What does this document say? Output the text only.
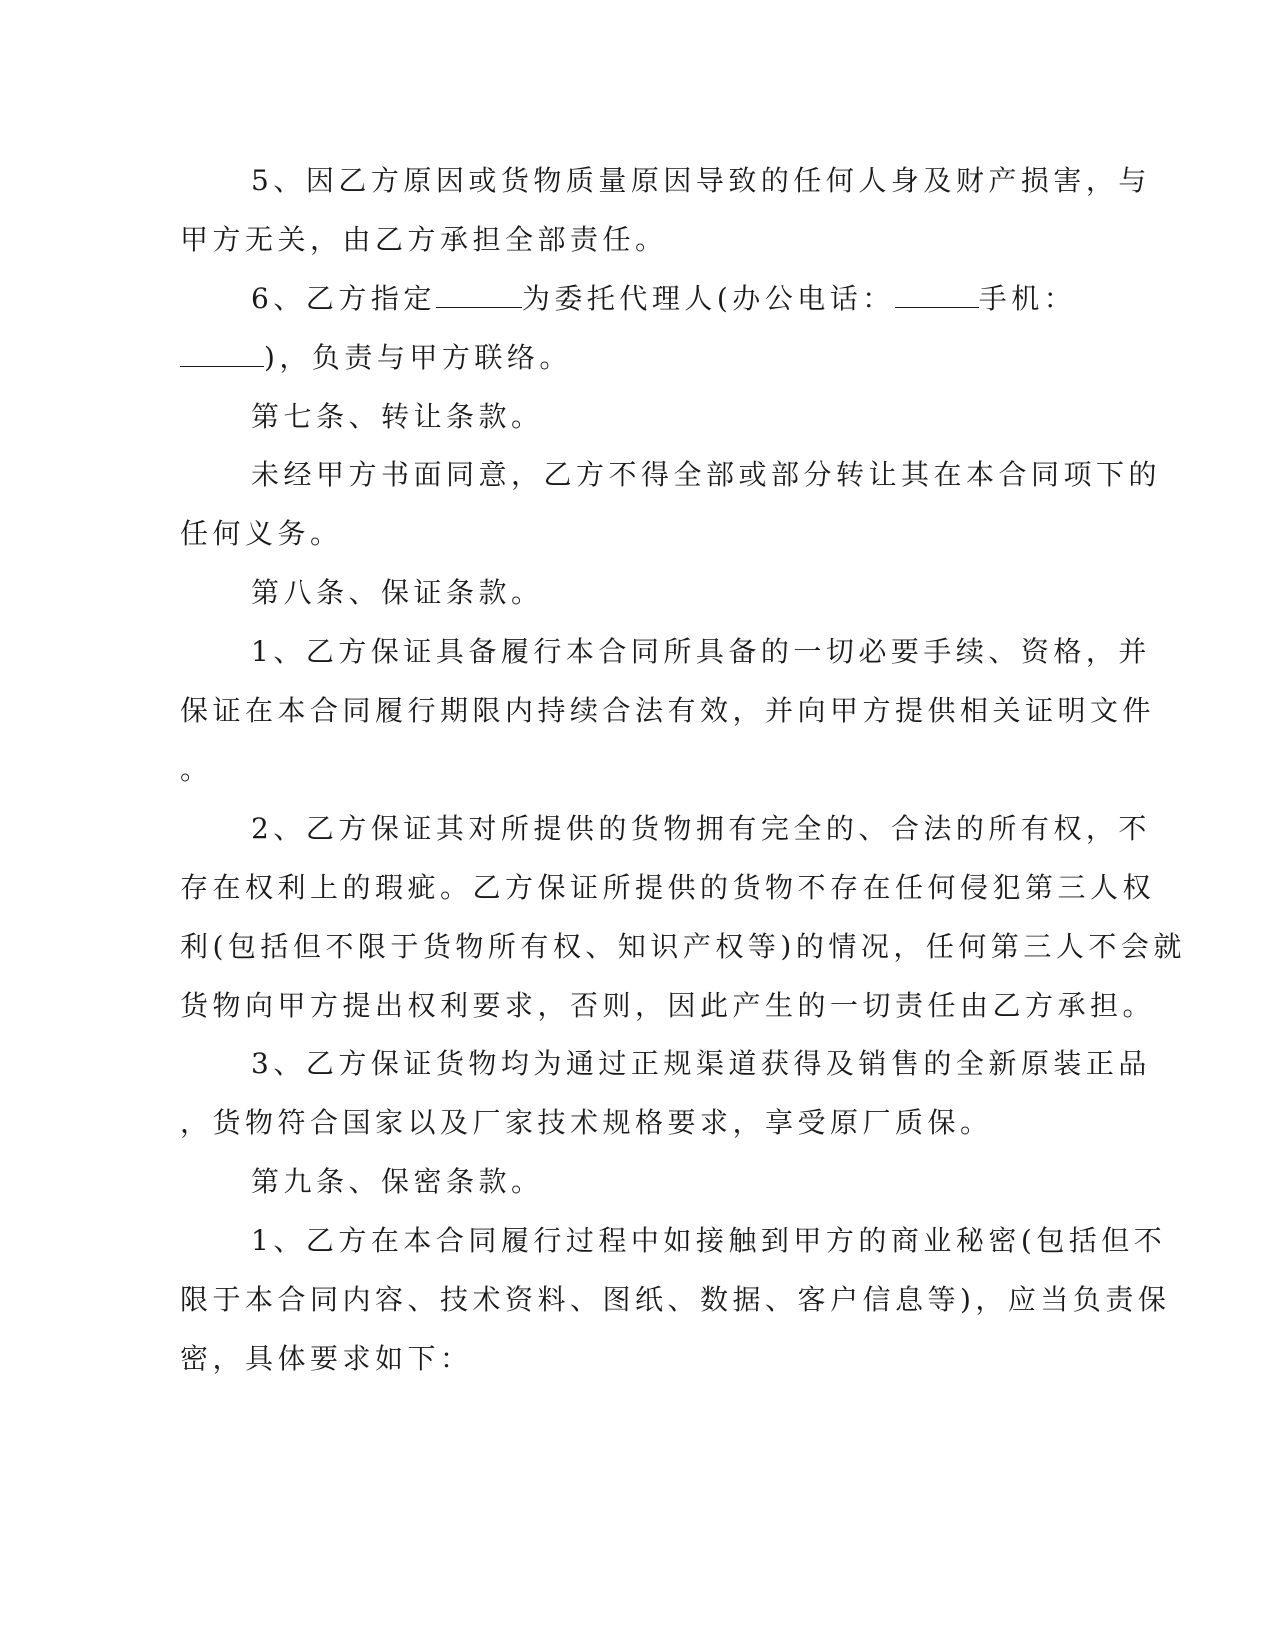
5、因乙方原因或货物质量原因导致的任何人身及财产损害，与
甲方无关，由乙方承担全部责任。
6、乙方指定	为委托代理人(办公电话：	手机：
)，负责与甲方联络。
第七条、转让条款。
未经甲方书面同意，乙方不得全部或部分转让其在本合同项下的
任何义务。
第八条、保证条款。
1、乙方保证具备履行本合同所具备的一切必要手续、资格，并
保证在本合同履行期限内持续合法有效，并向甲方提供相关证明文件
。
2、乙方保证其对所提供的货物拥有完全的、合法的所有权，不
存在权利上的瑕疵。乙方保证所提供的货物不存在任何侵犯第三人权
利(包括但不限于货物所有权、知识产权等)的情况，任何第三人不会就
货物向甲方提出权利要求，否则，因此产生的一切责任由乙方承担。
3、乙方保证货物均为通过正规渠道获得及销售的全新原装正品
，货物符合国家以及厂家技术规格要求，享受原厂质保。
第九条、保密条款。
1、乙方在本合同履行过程中如接触到甲方的商业秘密(包括但不
限于本合同内容、技术资料、图纸、数据、客户信息等)，应当负责保
密，具体要求如下：
